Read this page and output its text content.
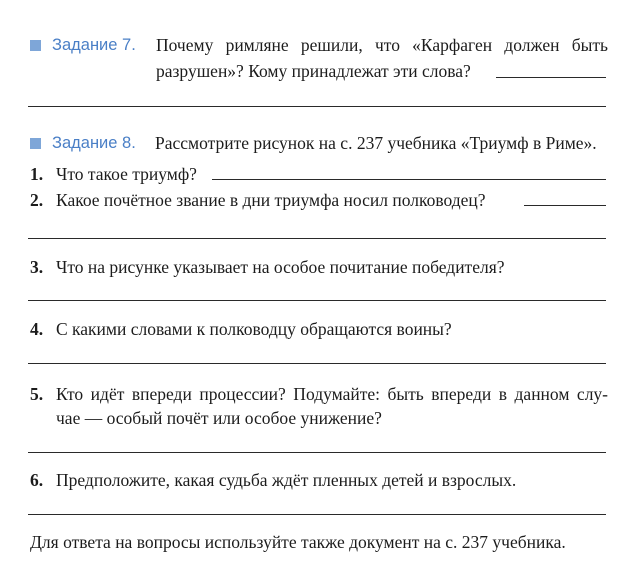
Задание 7. Почему римляне решили, что «Карфаген должен быть
разрушен»? Кому принадлежат эти слова?
Задание 8. Рассмотрите рисунок на с. 237 учебника «Триумф в Риме».
1. Что такое триумф?
2. Какое почётное звание в дни триумфа носил полководец?
3. Что на рисунке указывает на особое почитание победителя?
4. С какими словами к полководцу обращаются воины?
5. Кто идёт впереди процессии? Подумайте: быть впереди в данном слу-
чае — особый почёт или особое унижение?
6. Предположите, какая судьба ждёт пленных детей и взрослых.
Для ответа на вопросы используйте также документ на с. 237 учебника.
